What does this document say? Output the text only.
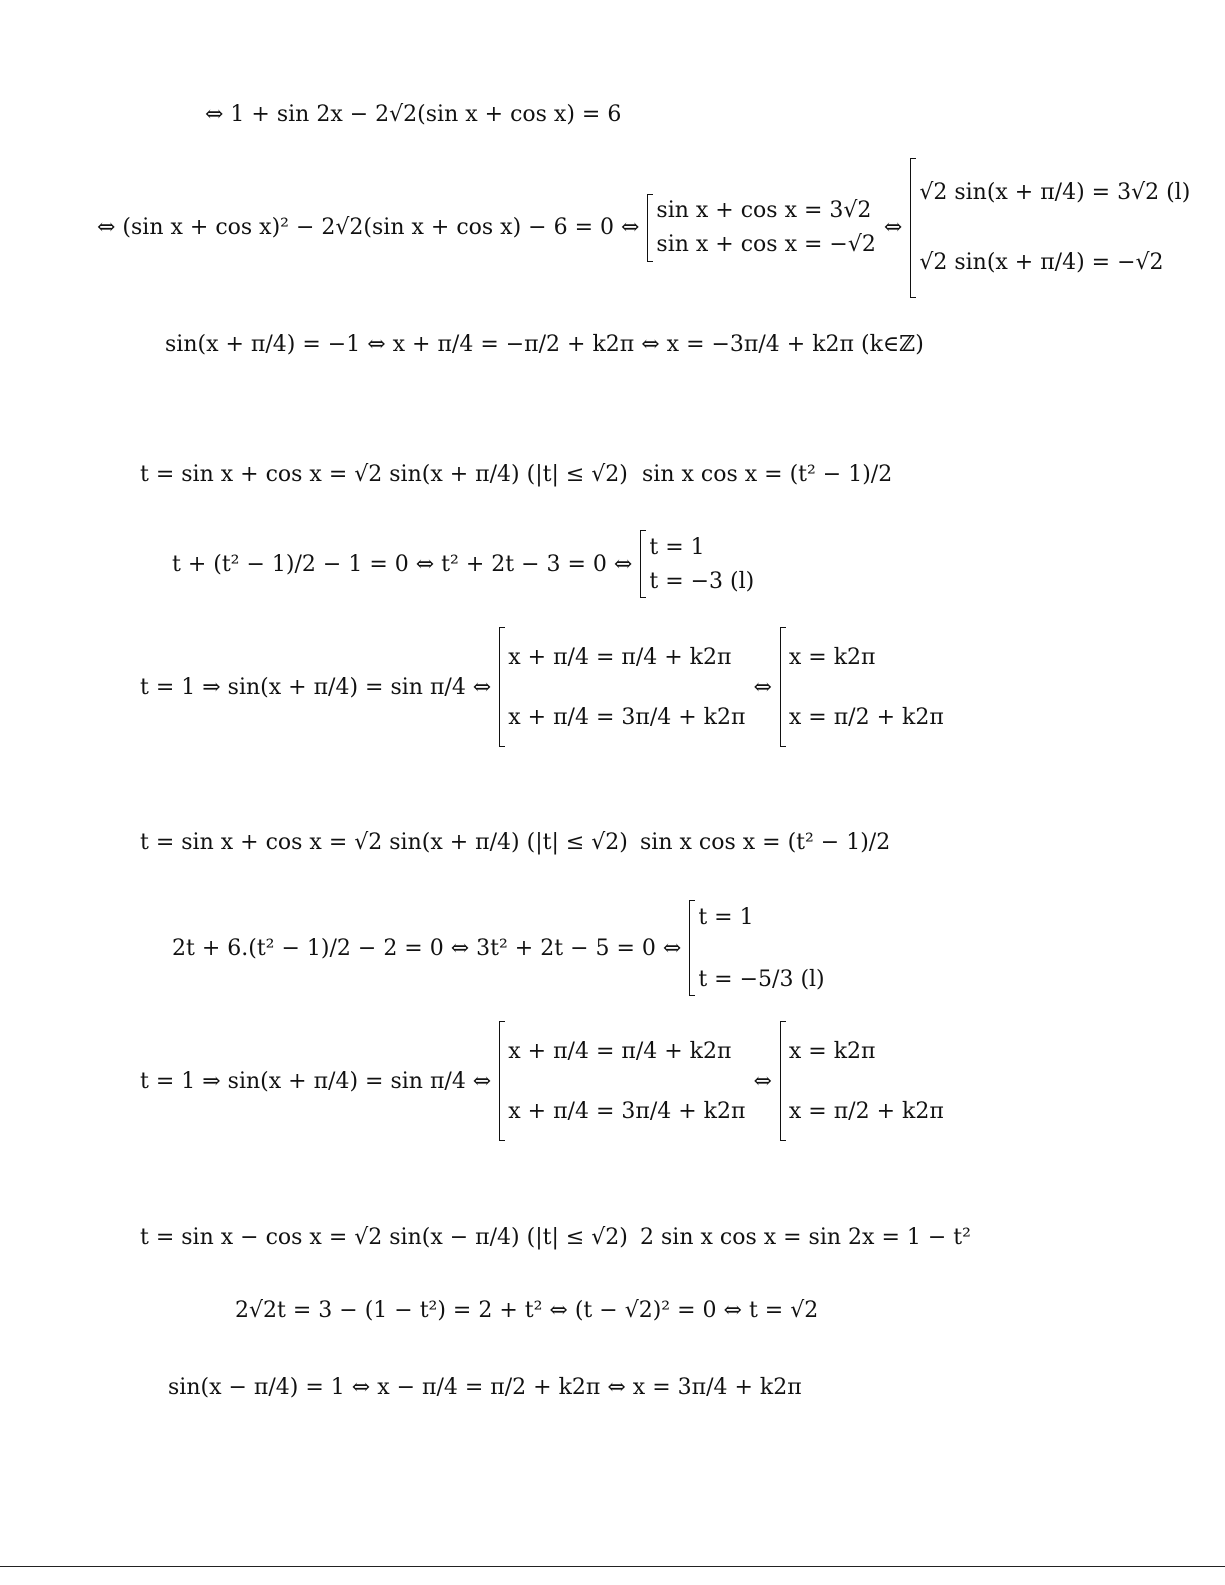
⇔ 1 + sin 2x − 2√2(sin x + cos x) = 6
⇔ (sin x + cos x)² − 2√2(sin x + cos x) − 6 = 0 ⇔
sin x + cos x = 3√2
sin x + cos x = −√2
⇔
√2 sin(x + π/4) = 3√2 (l)
√2 sin(x + π/4) = −√2
sin(x + π/4) = −1 ⇔ x + π/4 = −π/2 + k2π ⇔ x = −3π/4 + k2π (k∈ℤ)
t = sin x + cos x = √2 sin(x + π/4) (|t| ≤ √2) sin x cos x = (t² − 1)/2
t + (t² − 1)/2 − 1 = 0 ⇔ t² + 2t − 3 = 0 ⇔
t = 1
t = −3 (l)
t = 1 ⇒ sin(x + π/4) = sin π/4 ⇔
x + π/4 = π/4 + k2π
x + π/4 = 3π/4 + k2π
⇔
x = k2π
x = π/2 + k2π
t = sin x + cos x = √2 sin(x + π/4) (|t| ≤ √2) sin x cos x = (t² − 1)/2
2t + 6.(t² − 1)/2 − 2 = 0 ⇔ 3t² + 2t − 5 = 0 ⇔
t = 1
t = −5/3 (l)
t = 1 ⇒ sin(x + π/4) = sin π/4 ⇔
x + π/4 = π/4 + k2π
x + π/4 = 3π/4 + k2π
⇔
x = k2π
x = π/2 + k2π
t = sin x − cos x = √2 sin(x − π/4) (|t| ≤ √2) 2 sin x cos x = sin 2x = 1 − t²
2√2t = 3 − (1 − t²) = 2 + t² ⇔ (t − √2)² = 0 ⇔ t = √2
sin(x − π/4) = 1 ⇔ x − π/4 = π/2 + k2π ⇔ x = 3π/4 + k2π
